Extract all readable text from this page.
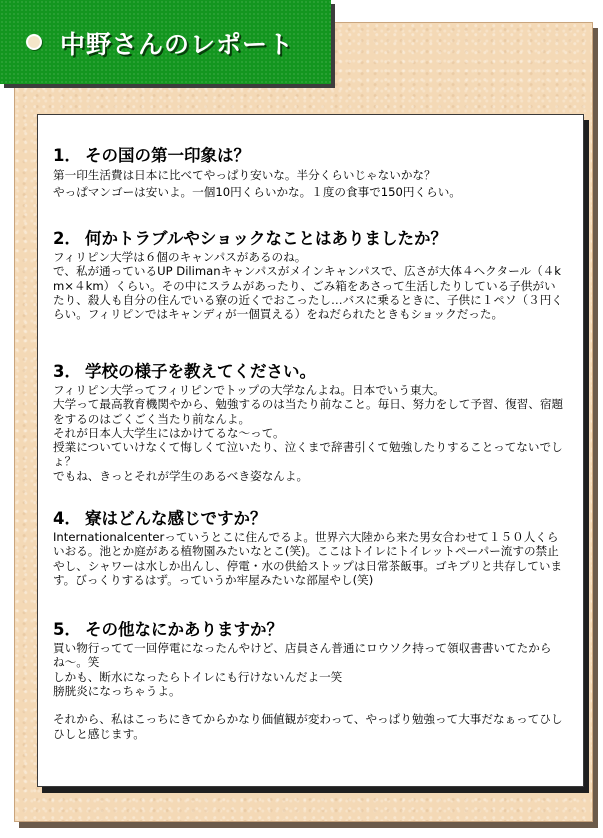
中野さんのレポート
1． その国の第一印象は？

第一印生活費は日本に比べてやっぱり安いな。半分くらいじゃないかな？
やっぱマンゴーは安いよ。一個10円くらいかな。１度の食事で150円くらい。

2． 何かトラブルやショックなことはありましたか？

フィリピン大学は６個のキャンパスがあるのね。
で、私が通っているUP Dilimanキャンパスがメインキャンパスで、広さが大体４ヘクタール（４km×４km）くらい。その中にスラムがあったり、ごみ箱をあさって生活したりしている子供がいたり、殺人も自分の住んでいる寮の近くでおこったし…バスに乗るときに、子供に１ペソ（３円くらい。フィリピンではキャンディが一個買える）をねだられたときもショックだった。

3． 学校の様子を教えてください。

フィリピン大学ってフィリピンでトップの大学なんよね。日本でいう東大。
大学って最高教育機関やから、勉強するのは当たり前なこと。毎日、努力をして予習、復習、宿題をするのはごくごく当たり前なんよ。
それが日本人大学生にはかけてるな〜って。
授業についていけなくて悔しくて泣いたり、泣くまで辞書引くて勉強したりすることってないでしょ？
でもね、きっとそれが学生のあるべき姿なんよ。

4． 寮はどんな感じですか？

Internationalcenterっていうとこに住んでるよ。世界六大陸から来た男女合わせて１５０人くらいおる。池とか庭がある植物園みたいなとこ(笑)。ここはトイレにトイレットペーパー流すの禁止やし、シャワーは水しか出んし、停電・水の供給ストップは日常茶飯事。ゴキブリと共存しています。びっくりするはず。っていうか牢屋みたいな部屋やし(笑)

5． その他なにかありますか？

買い物行ってて一回停電になったんやけど、店員さん普通にロウソク持って領収書書いてたからね〜。笑
しかも、断水になったらトイレにも行けないんだよ一笑
膀胱炎になっちゃうよ。

それから、私はこっちにきてからかなり価値観が変わって、やっぱり勉強って大事だなぁってひしひしと感じます。
